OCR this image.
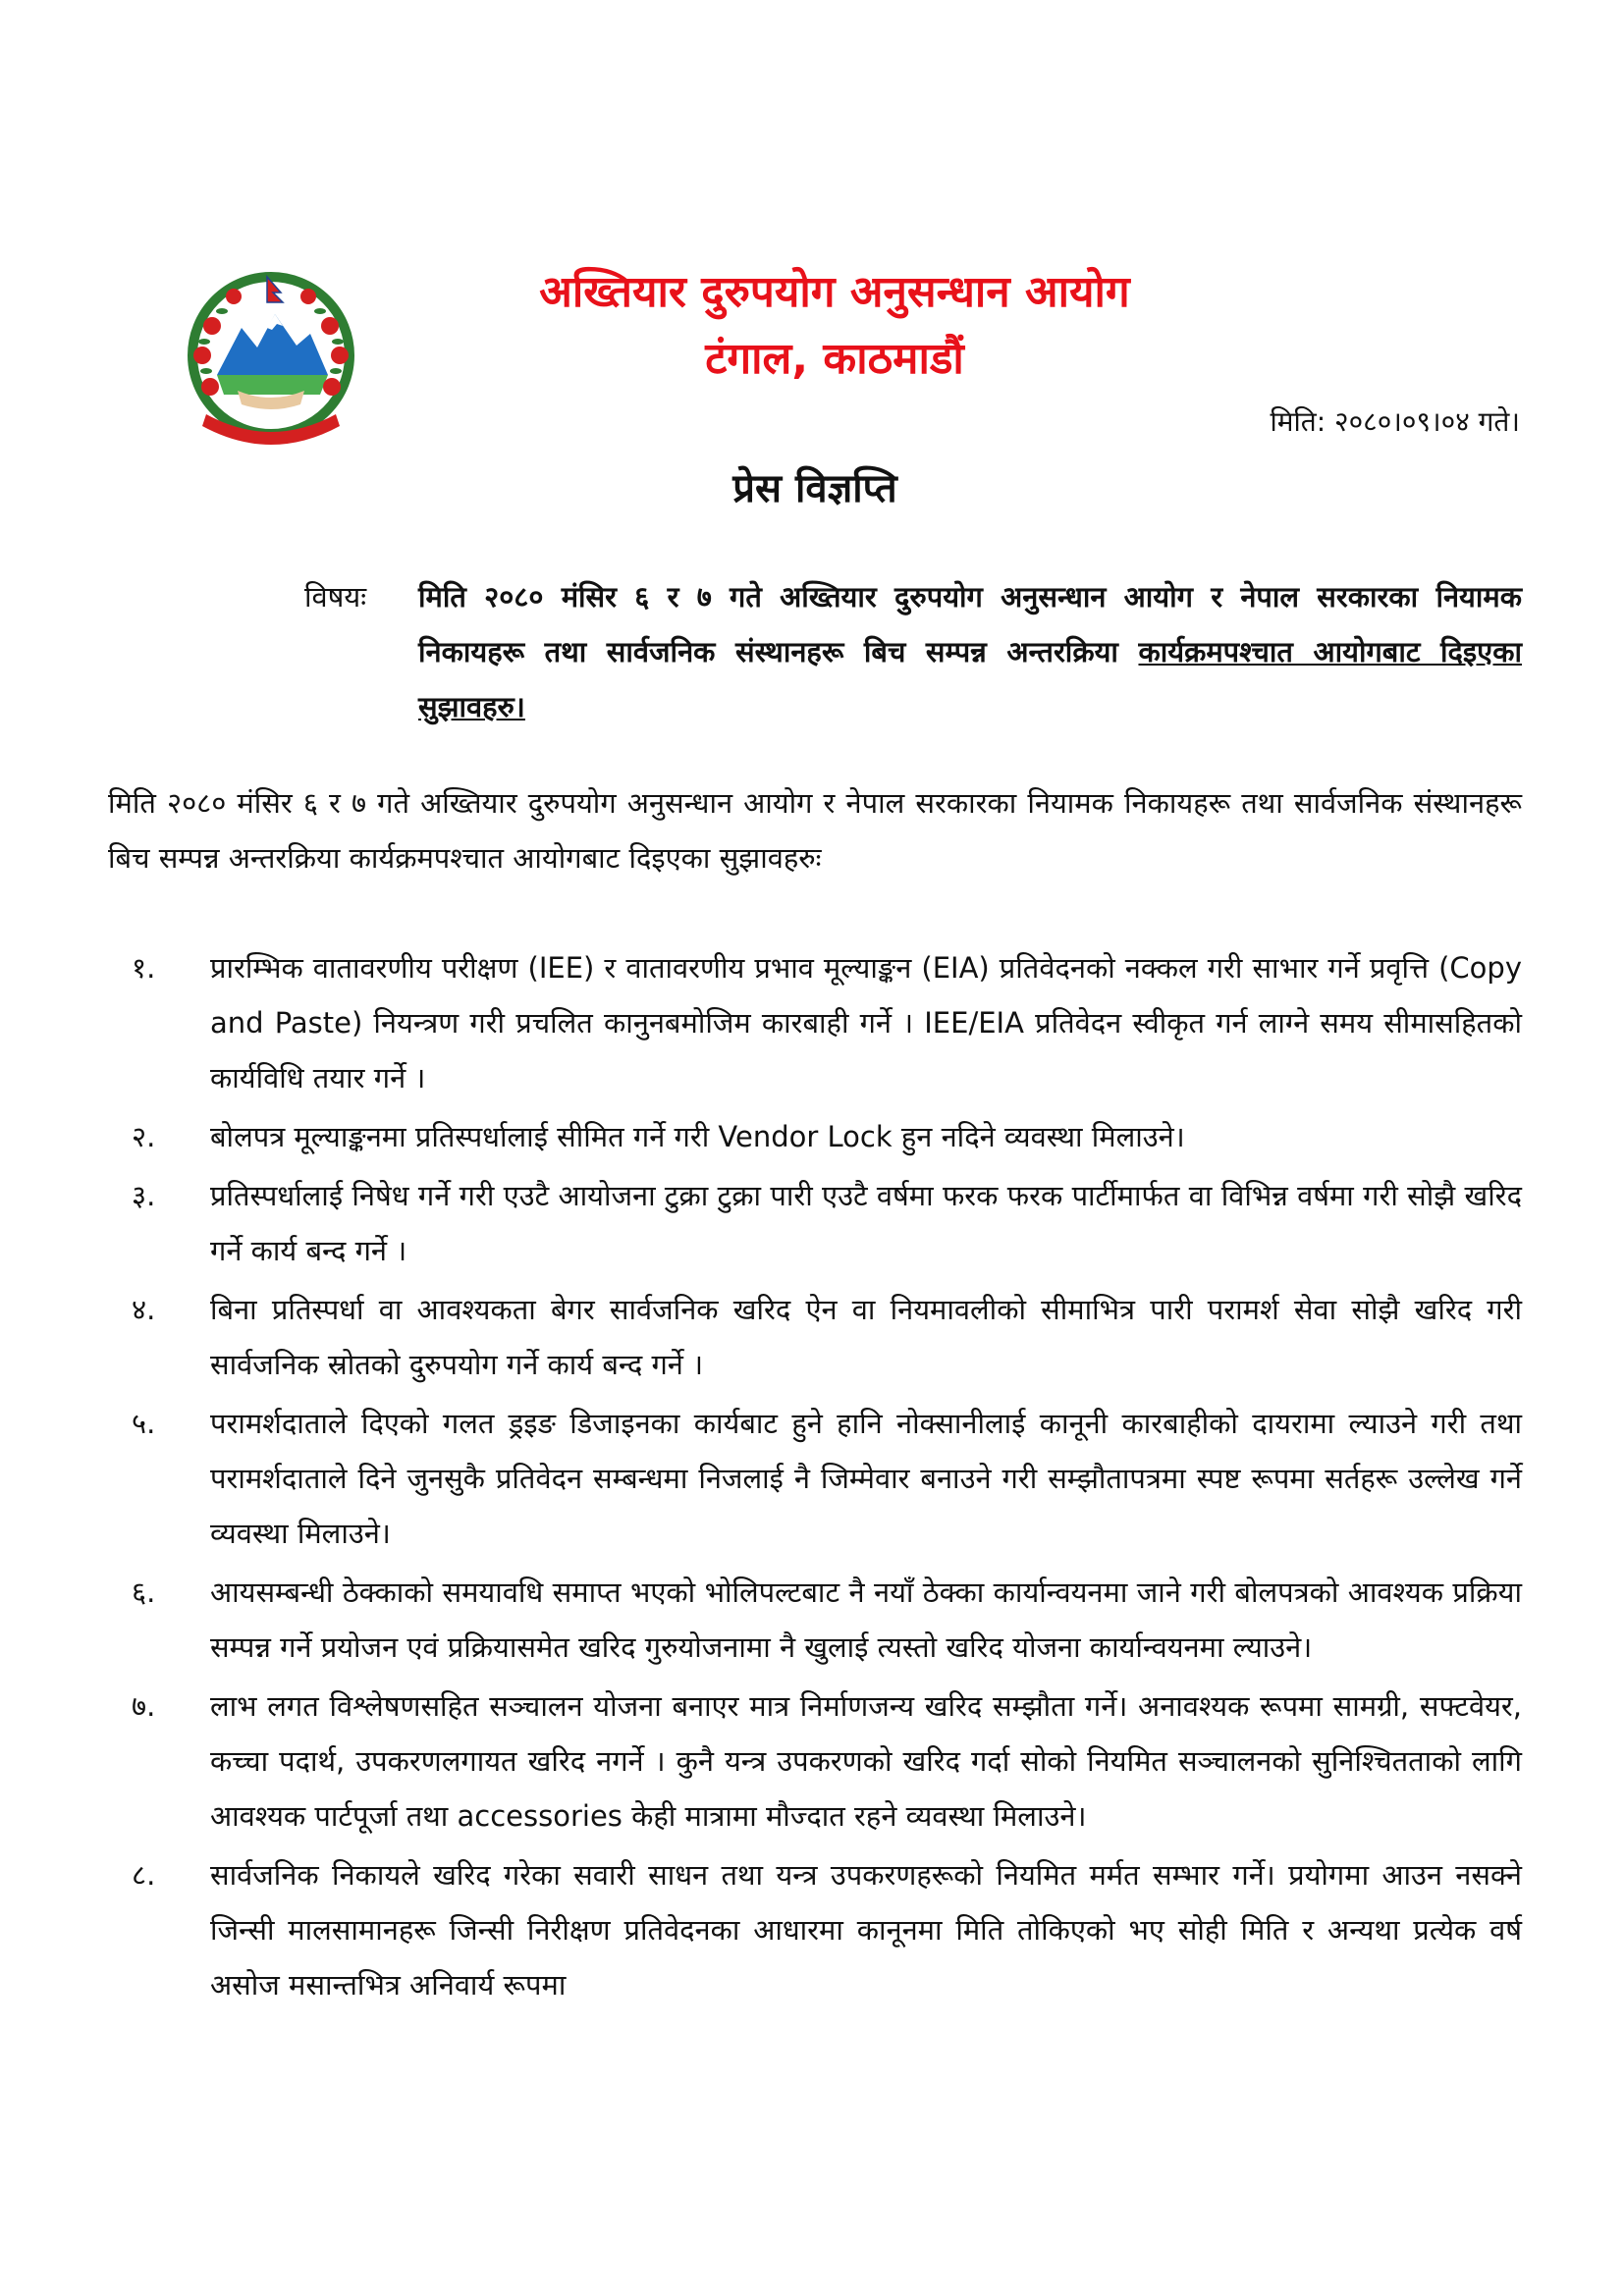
अख्तियार दुरुपयोग अनुसन्धान आयोग
टंगाल, काठमाडौं
मिति: २०८०।०९।०४ गते।
प्रेस विज्ञप्ति
विषयः मिति २०८० मंसिर ६ र ७ गते अख्तियार दुरुपयोग अनुसन्धान आयोग र नेपाल सरकारका नियामक निकायहरू तथा सार्वजनिक संस्थानहरू बिच सम्पन्न अन्तरक्रिया कार्यक्रमपश्चात आयोगबाट दिइएका सुझावहरु।
मिति २०८० मंसिर ६ र ७ गते अख्तियार दुरुपयोग अनुसन्धान आयोग र नेपाल सरकारका नियामक निकायहरू तथा सार्वजनिक संस्थानहरू बिच सम्पन्न अन्तरक्रिया कार्यक्रमपश्चात आयोगबाट दिइएका सुझावहरुः
१.	प्रारम्भिक वातावरणीय परीक्षण (IEE) र वातावरणीय प्रभाव मूल्याङ्कन (EIA) प्रतिवेदनको नक्कल गरी साभार गर्ने प्रवृत्ति (Copy and Paste) नियन्त्रण गरी प्रचलित कानुनबमोजिम कारबाही गर्ने । IEE/EIA प्रतिवेदन स्वीकृत गर्न लाग्ने समय सीमासहितको कार्यविधि तयार गर्ने ।
२.	बोलपत्र मूल्याङ्कनमा प्रतिस्पर्धालाई सीमित गर्ने गरी Vendor Lock हुन नदिने व्यवस्था मिलाउने।
३.	प्रतिस्पर्धालाई निषेध गर्ने गरी एउटै आयोजना टुक्रा टुक्रा पारी एउटै वर्षमा फरक फरक पार्टीमार्फत वा विभिन्न वर्षमा गरी सोझै खरिद गर्ने कार्य बन्द गर्ने ।
४.	बिना प्रतिस्पर्धा वा आवश्यकता बेगर सार्वजनिक खरिद ऐन वा नियमावलीको सीमाभित्र पारी परामर्श सेवा सोझै खरिद गरी सार्वजनिक स्रोतको दुरुपयोग गर्ने कार्य बन्द गर्ने ।
५.	परामर्शदाताले दिएको गलत ड्रइङ डिजाइनका कार्यबाट हुने हानि नोक्सानीलाई कानूनी कारबाहीको दायरामा ल्याउने गरी तथा परामर्शदाताले दिने जुनसुकै प्रतिवेदन सम्बन्धमा निजलाई नै जिम्मेवार बनाउने गरी सम्झौतापत्रमा स्पष्ट रूपमा सर्तहरू उल्लेख गर्ने व्यवस्था मिलाउने।
६.	आयसम्बन्धी ठेक्काको समयावधि समाप्त भएको भोलिपल्टबाट नै नयाँ ठेक्का कार्यान्वयनमा जाने गरी बोलपत्रको आवश्यक प्रक्रिया सम्पन्न गर्ने प्रयोजन एवं प्रक्रियासमेत खरिद गुरुयोजनामा नै खुलाई त्यस्तो खरिद योजना कार्यान्वयनमा ल्याउने।
७.	लाभ लगत विश्लेषणसहित सञ्चालन योजना बनाएर मात्र निर्माणजन्य खरिद सम्झौता गर्ने। अनावश्यक रूपमा सामग्री, सफ्टवेयर, कच्चा पदार्थ, उपकरणलगायत खरिद नगर्ने । कुनै यन्त्र उपकरणको खरिद गर्दा सोको नियमित सञ्चालनको सुनिश्चितताको लागि आवश्यक पार्टपूर्जा तथा accessories केही मात्रामा मौज्दात रहने व्यवस्था मिलाउने।
८.	सार्वजनिक निकायले खरिद गरेका सवारी साधन तथा यन्त्र उपकरणहरूको नियमित मर्मत सम्भार गर्ने। प्रयोगमा आउन नसक्ने जिन्सी मालसामानहरू जिन्सी निरीक्षण प्रतिवेदनका आधारमा कानूनमा मिति तोकिएको भए सोही मिति र अन्यथा प्रत्येक वर्ष असोज मसान्तभित्र अनिवार्य रूपमा
